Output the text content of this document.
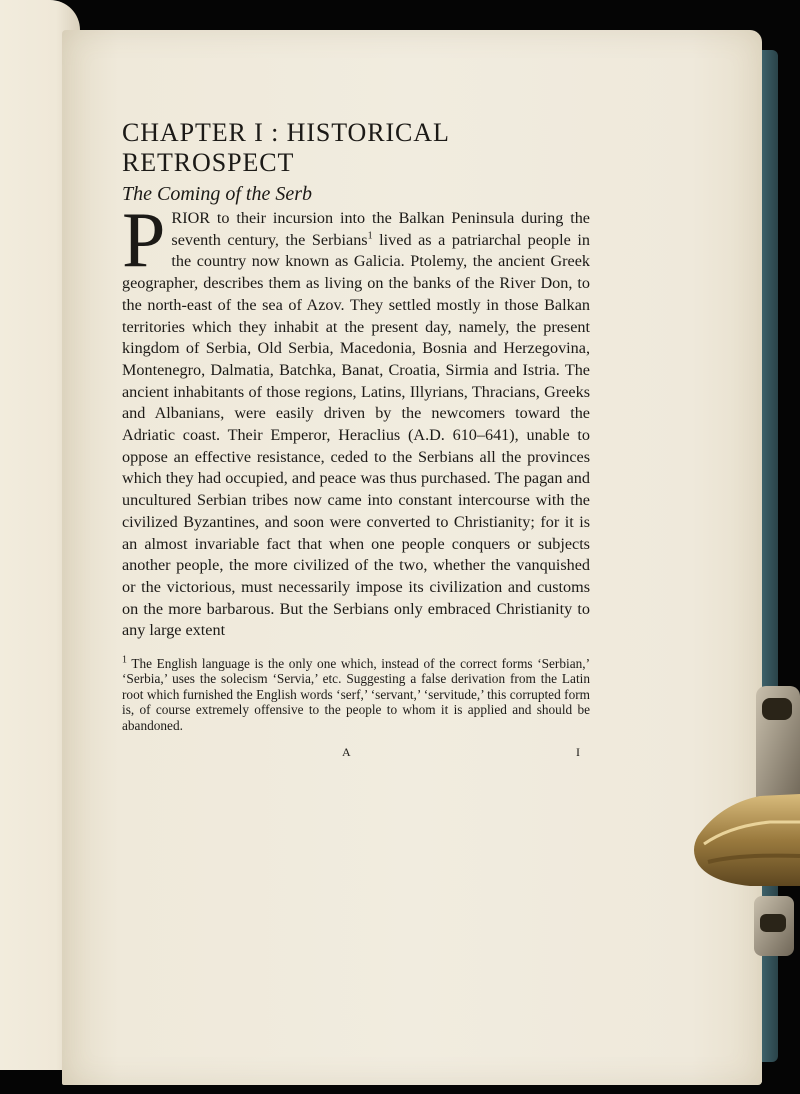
CHAPTER I : HISTORICAL
RETROSPECT
The Coming of the Serb

PRIOR to their incursion into the Balkan Peninsula during the seventh century, the Serbians$^1$ lived as a patriarchal people in the country now known as Galicia. Ptolemy, the ancient Greek geographer, describes them as living on the banks of the River Don, to the north-east of the sea of Azov. They settled mostly in those Balkan territories which they inhabit at the present day, namely, the present kingdom of Serbia, Old Serbia, Macedonia, Bosnia and Herzegovina, Montenegro, Dalmatia, Batchka, Banat, Croatia, Sirmia and Istria. The ancient inhabitants of those regions, Latins, Illyrians, Thracians, Greeks and Albanians, were easily driven by the newcomers toward the Adriatic coast. Their Emperor, Heraclius (A.D. 610–641), unable to oppose an effective resistance, ceded to the Serbians all the provinces which they had occupied, and peace was thus purchased. The pagan and uncultured Serbian tribes now came into constant intercourse with the civilized Byzantines, and soon were converted to Christianity; for it is an almost invariable fact that when one people conquers or subjects another people, the more civilized of the two, whether the vanquished or the victorious, must necessarily impose its civilization and customs on the more barbarous. But the Serbians only embraced Christianity to any large extent

$^1$ The English language is the only one which, instead of the correct forms ‘Serbian,’ ‘Serbia,’ uses the solecism ‘Servia,’ etc. Suggesting a false derivation from the Latin root which furnished the English words ‘serf,’ ‘servant,’ ‘servitude,’ this corrupted form is, of course extremely offensive to the people to whom it is applied and should be abandoned.

A	I
